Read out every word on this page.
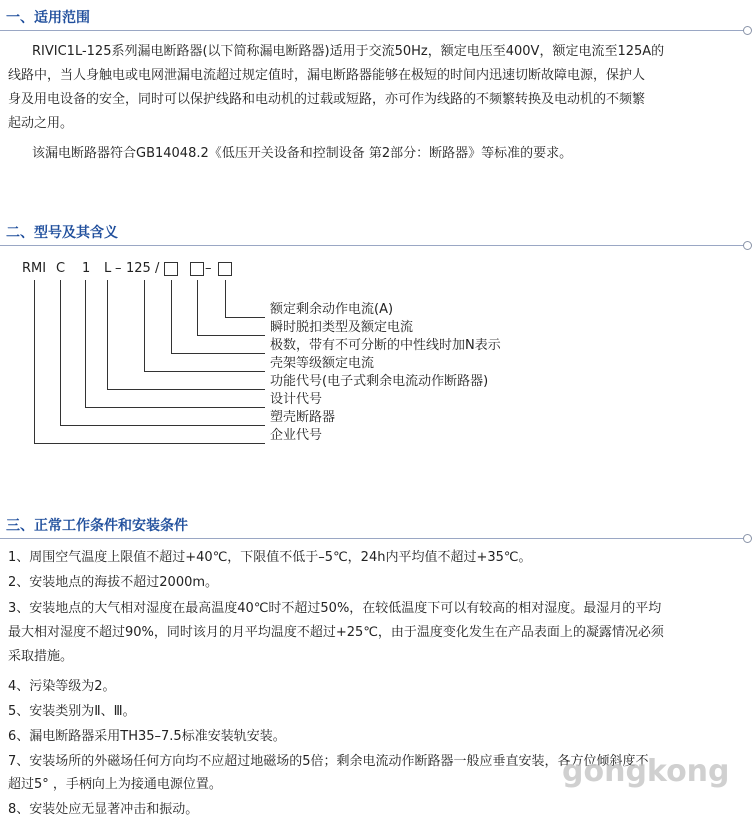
一、适用范围
RIVIC1L-125系列漏电断路器(以下简称漏电断路器)适用于交流50Hz，额定电压至400V，额定电流至125A的
线路中，当人身触电或电网泄漏电流超过规定值时，漏电断路器能够在极短的时间内迅速切断故障电源，保护人
身及用电设备的安全，同时可以保护线路和电动机的过载或短路，亦可作为线路的不频繁转换及电动机的不频繁
起动之用。
该漏电断路器符合GB14048.2《低压开关设备和控制设备 第2部分：断路器》等标准的要求。
二、型号及其含义
RMI C 1 L – 125 /	–
额定剩余动作电流(A)
瞬时脱扣类型及额定电流
极数，带有不可分断的中性线时加N表示
壳架等级额定电流
功能代号(电子式剩余电流动作断路器)
设计代号
塑壳断路器
企业代号
三、正常工作条件和安装条件
1、周围空气温度上限值不超过+40℃，下限值不低于–5℃，24h内平均值不超过+35℃。
2、安装地点的海拔不超过2000m。
3、安装地点的大气相对湿度在最高温度40℃时不超过50%，在较低温度下可以有较高的相对湿度。最湿月的平均
最大相对湿度不超过90%，同时该月的月平均温度不超过+25℃，由于温度变化发生在产品表面上的凝露情况必须
采取措施。
4、污染等级为2。
5、安装类别为Ⅱ、Ⅲ。
6、漏电断路器采用TH35–7.5标准安装轨安装。
7、安装场所的外磁场任何方向均不应超过地磁场的5倍；剩余电流动作断路器一般应垂直安装，各方位倾斜度不
超过5° ，手柄向上为接通电源位置。
8、安装处应无显著冲击和振动。
gongkong
